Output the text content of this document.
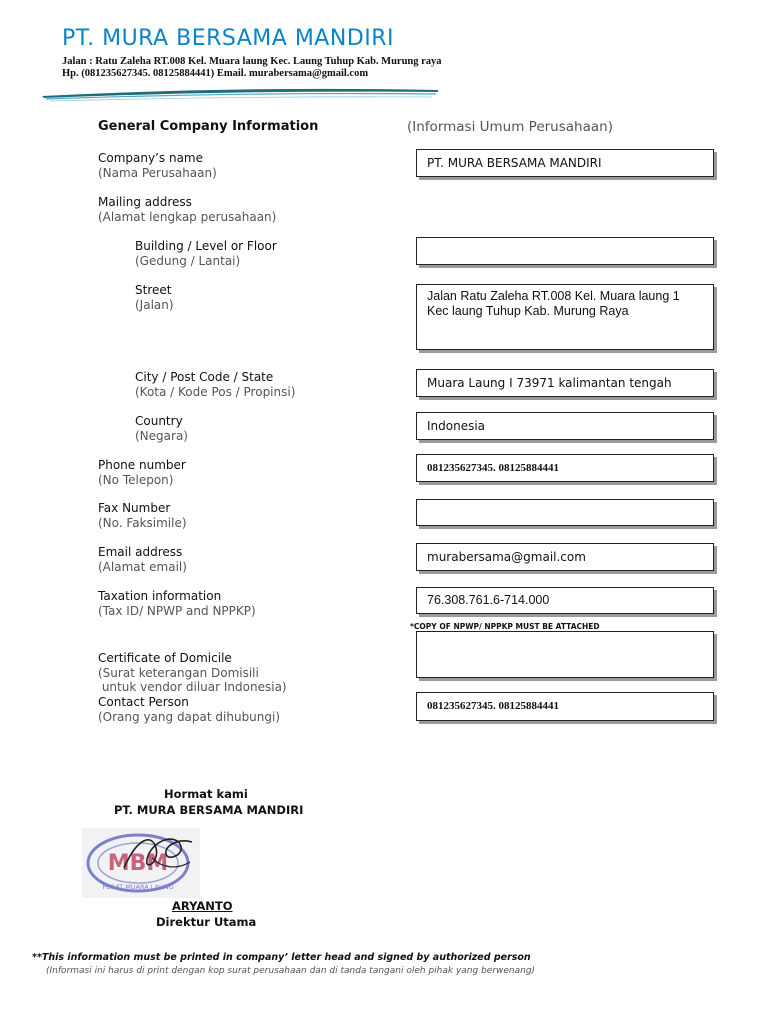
PT. MURA BERSAMA MANDIRI
Jalan : Ratu Zaleha RT.008 Kel. Muara laung Kec. Laung Tuhup Kab. Murung raya
Hp. (081235627345. 08125884441) Email. murabersama@gmail.com
General Company Information	(Informasi Umum Perusahaan)
Company’s name
(Nama Perusahaan)
PT. MURA BERSAMA MANDIRI
Mailing address
(Alamat lengkap perusahaan)
Building / Level or Floor
(Gedung / Lantai)
Street
(Jalan)
Jalan Ratu Zaleha RT.008 Kel. Muara laung 1 Kec laung Tuhup Kab. Murung Raya
City / Post Code / State
(Kota / Kode Pos / Propinsi)
Muara Laung I 73971 kalimantan tengah
Country
(Negara)
Indonesia
Phone number
(No Telepon)
081235627345. 08125884441
Fax Number
(No. Faksimile)
Email address
(Alamat email)
murabersama@gmail.com
Taxation information
(Tax ID/ NPWP and NPPKP)
76.308.761.6-714.000
*COPY OF NPWP/ NPPKP MUST BE ATTACHED
Certificate of Domicile
(Surat keterangan Domisili
untuk vendor diluar Indonesia)
Contact Person
(Orang yang dapat dihubungi)
081235627345. 08125884441
Hormat kami
PT. MURA BERSAMA MANDIRI
MBM
PUSAT MUARA LAUNG
ARYANTO
Direktur Utama
**This information must be printed in company’ letter head and signed by authorized person
(Informasi ini harus di print dengan kop surat perusahaan dan di tanda tangani oleh pihak yang berwenang)
